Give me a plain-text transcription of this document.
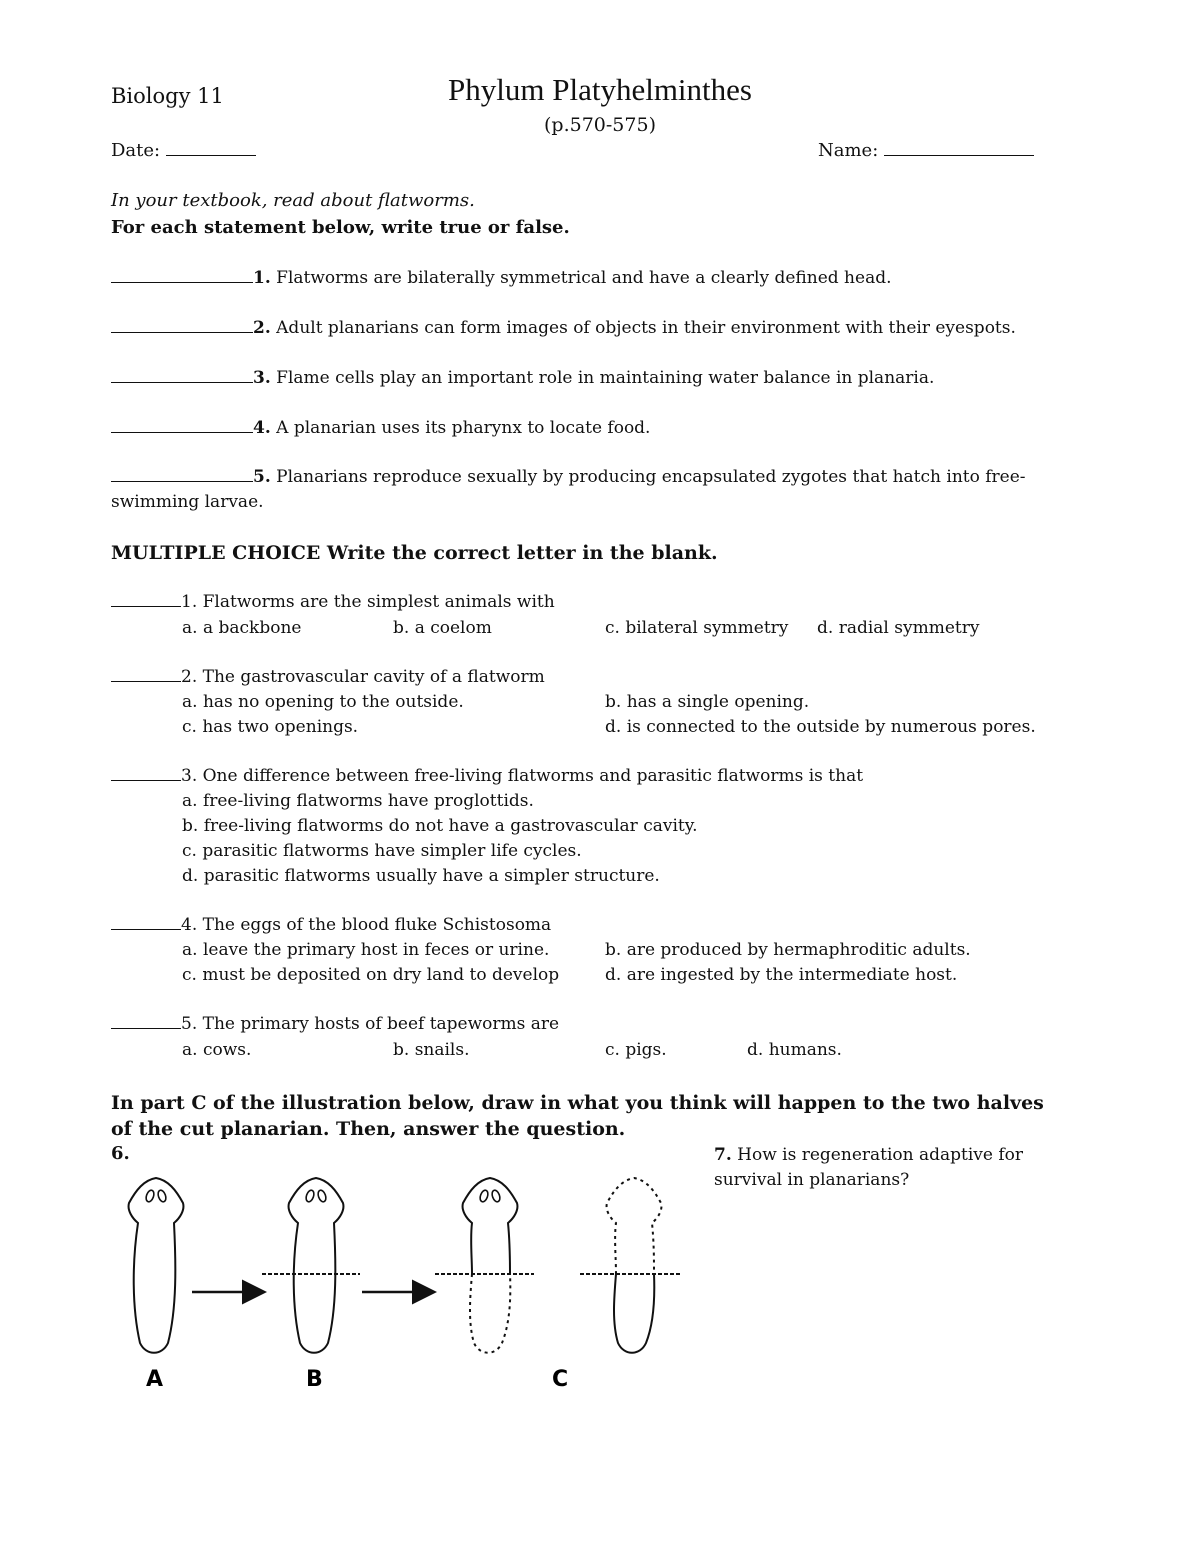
Biology 11	Phylum Platyhelminthes
(p.570-575)
Date:	Name:
In your textbook, read about flatworms.
For each statement below, write true or false.
1. Flatworms are bilaterally symmetrical and have a clearly defined head.
2. Adult planarians can form images of objects in their environment with their eyespots.
3. Flame cells play an important role in maintaining water balance in planaria.
4. A planarian uses its pharynx to locate food.
5. Planarians reproduce sexually by producing encapsulated zygotes that hatch into free-
swimming larvae.
MULTIPLE CHOICE Write the correct letter in the blank.
1. Flatworms are the simplest animals with
a. a backbone	b. a coelom	c. bilateral symmetry d. radial symmetry
2. The gastrovascular cavity of a flatworm
a. has no opening to the outside.	b. has a single opening.
c. has two openings.	d. is connected to the outside by numerous pores.
3. One difference between free-living flatworms and parasitic flatworms is that
a. free-living flatworms have proglottids.
b. free-living flatworms do not have a gastrovascular cavity.
c. parasitic flatworms have simpler life cycles.
d. parasitic flatworms usually have a simpler structure.
4. The eggs of the blood fluke Schistosoma
a. leave the primary host in feces or urine.	b. are produced by hermaphroditic adults.
c. must be deposited on dry land to develop	d. are ingested by the intermediate host.
5. The primary hosts of beef tapeworms are
a. cows.	b. snails.	c. pigs.	d. humans.
In part C of the illustration below, draw in what you think will happen to the two halves of the cut planarian. Then, answer the question.
6.	7. How is regeneration adaptive for survival in planarians?
A	B	C
